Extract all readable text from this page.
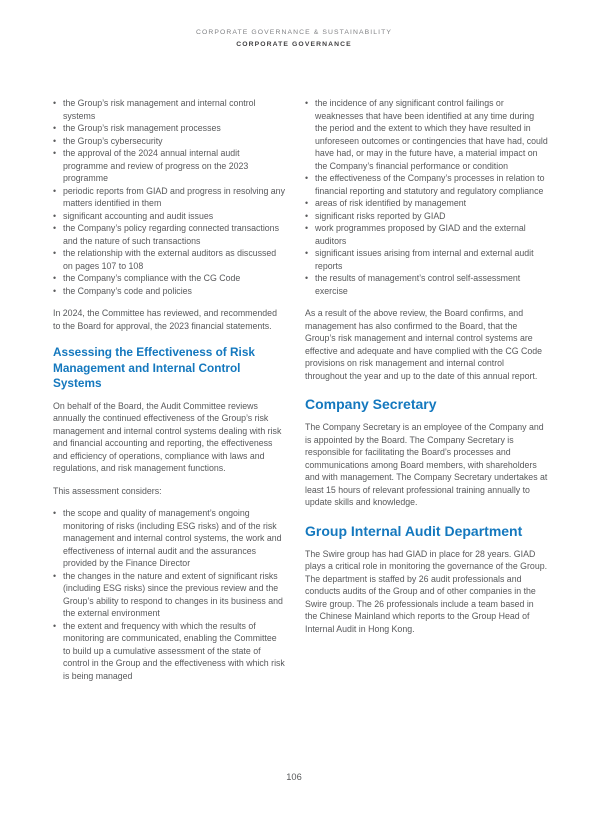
CORPORATE GOVERNANCE & SUSTAINABILITY
CORPORATE GOVERNANCE
• the Group’s risk management and internal control systems
• the Group’s risk management processes
• the Group’s cybersecurity
• the approval of the 2024 annual internal audit programme and review of progress on the 2023 programme
• periodic reports from GIAD and progress in resolving any matters identified in them
• significant accounting and audit issues
• the Company’s policy regarding connected transactions and the nature of such transactions
• the relationship with the external auditors as discussed on pages 107 to 108
• the Company’s compliance with the CG Code
• the Company’s code and policies

In 2024, the Committee has reviewed, and recommended to the Board for approval, the 2023 financial statements.

Assessing the Effectiveness of Risk Management and Internal Control Systems

On behalf of the Board, the Audit Committee reviews annually the continued effectiveness of the Group’s risk management and internal control systems dealing with risk and financial accounting and reporting, the effectiveness and efficiency of operations, compliance with laws and regulations, and risk management functions.

This assessment considers:

• the scope and quality of management’s ongoing monitoring of risks (including ESG risks) and of the risk management and internal control systems, the work and effectiveness of internal audit and the assurances provided by the Finance Director
• the changes in the nature and extent of significant risks (including ESG risks) since the previous review and the Group’s ability to respond to changes in its business and the external environment
• the extent and frequency with which the results of monitoring are communicated, enabling the Committee to build up a cumulative assessment of the state of control in the Group and the effectiveness with which risk is being managed
• the incidence of any significant control failings or weaknesses that have been identified at any time during the period and the extent to which they have resulted in unforeseen outcomes or contingencies that have had, could have had, or may in the future have, a material impact on the Company’s financial performance or condition
• the effectiveness of the Company’s processes in relation to financial reporting and statutory and regulatory compliance
• areas of risk identified by management
• significant risks reported by GIAD
• work programmes proposed by GIAD and the external auditors
• significant issues arising from internal and external audit reports
• the results of management’s control self-assessment exercise

As a result of the above review, the Board confirms, and management has also confirmed to the Board, that the Group’s risk management and internal control systems are effective and adequate and have complied with the CG Code provisions on risk management and internal control throughout the year and up to the date of this annual report.

Company Secretary

The Company Secretary is an employee of the Company and is appointed by the Board. The Company Secretary is responsible for facilitating the Board’s processes and communications among Board members, with shareholders and with management. The Company Secretary undertakes at least 15 hours of relevant professional training annually to update skills and knowledge.

Group Internal Audit Department

The Swire group has had GIAD in place for 28 years. GIAD plays a critical role in monitoring the governance of the Group. The department is staffed by 26 audit professionals and conducts audits of the Group and of other companies in the Swire group. The 26 professionals include a team based in the Chinese Mainland which reports to the Group Head of Internal Audit in Hong Kong.

106
